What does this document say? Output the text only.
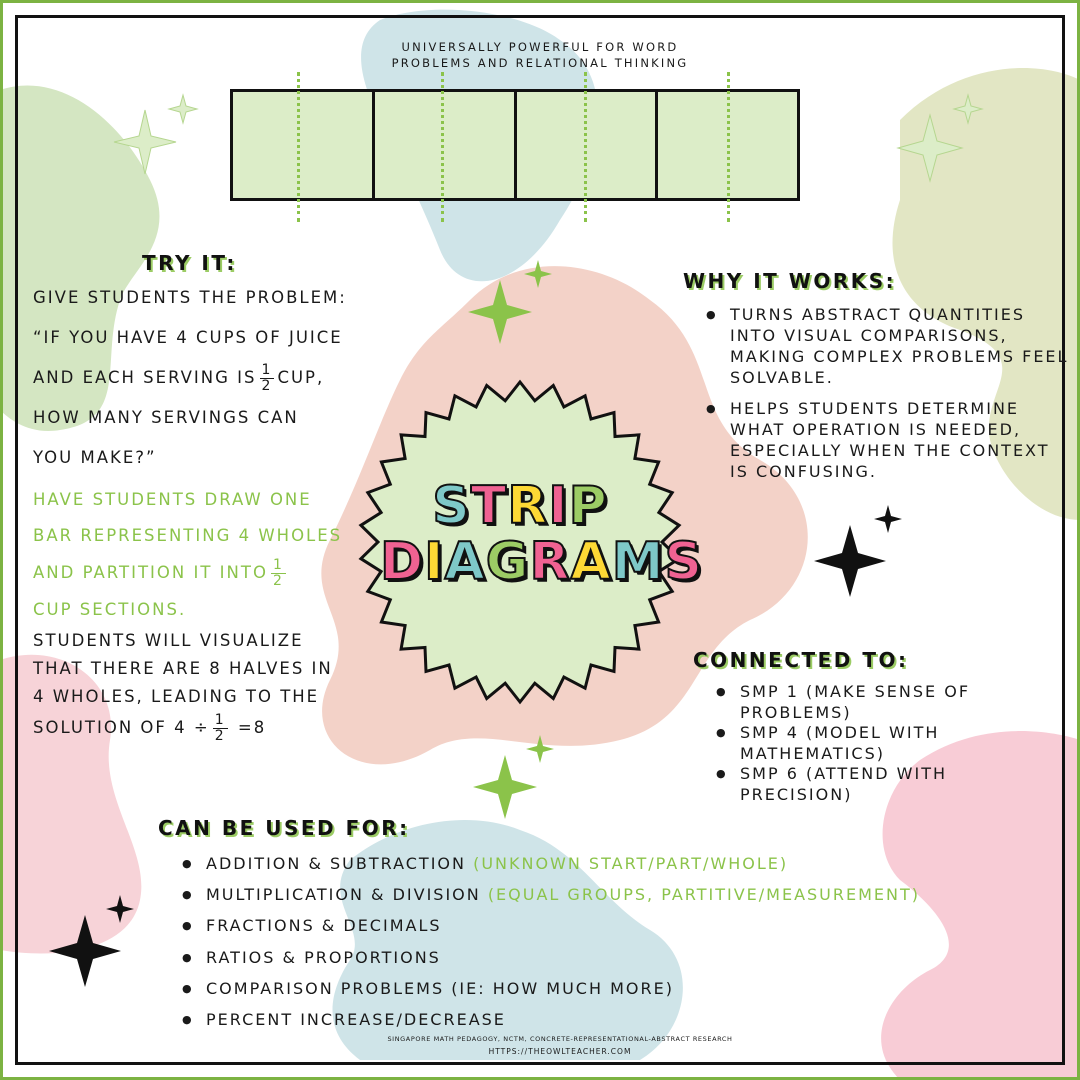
UNIVERSALLY POWERFUL FOR WORD
PROBLEMS AND RELATIONAL THINKING
STRIP
DIAGRAMS
TRY IT:
GIVE STUDENTS THE PROBLEM:
“IF YOU HAVE 4 CUPS OF JUICE
AND EACH SERVING IS $\frac{1}{2}$ CUP,
HOW MANY SERVINGS CAN
YOU MAKE?”
HAVE STUDENTS DRAW ONE
BAR REPRESENTING 4 WHOLES
AND PARTITION IT INTO $\frac{1}{2}$
CUP SECTIONS.
STUDENTS WILL VISUALIZE
THAT THERE ARE 8 HALVES IN
4 WHOLES, LEADING TO THE
SOLUTION OF $4 \div \frac{1}{2} =8$
WHY IT WORKS:
● TURNS ABSTRACT QUANTITIES INTO VISUAL COMPARISONS, MAKING COMPLEX PROBLEMS FEEL SOLVABLE.
● HELPS STUDENTS DETERMINE WHAT OPERATION IS NEEDED, ESPECIALLY WHEN THE CONTEXT IS CONFUSING.
CONNECTED TO:
● SMP 1 (MAKE SENSE OF PROBLEMS)
● SMP 4 (MODEL WITH MATHEMATICS)
● SMP 6 (ATTEND WITH PRECISION)
CAN BE USED FOR:
● ADDITION & SUBTRACTION (UNKNOWN START/PART/WHOLE)
● MULTIPLICATION & DIVISION (EQUAL GROUPS, PARTITIVE/MEASUREMENT)
● FRACTIONS & DECIMALS
● RATIOS & PROPORTIONS
● COMPARISON PROBLEMS (IE: HOW MUCH MORE)
● PERCENT INCREASE/DECREASE
SINGAPORE MATH PEDAGOGY, NCTM, CONCRETE-REPRESENTATIONAL-ABSTRACT RESEARCH
HTTPS://THEOWLTEACHER.COM
